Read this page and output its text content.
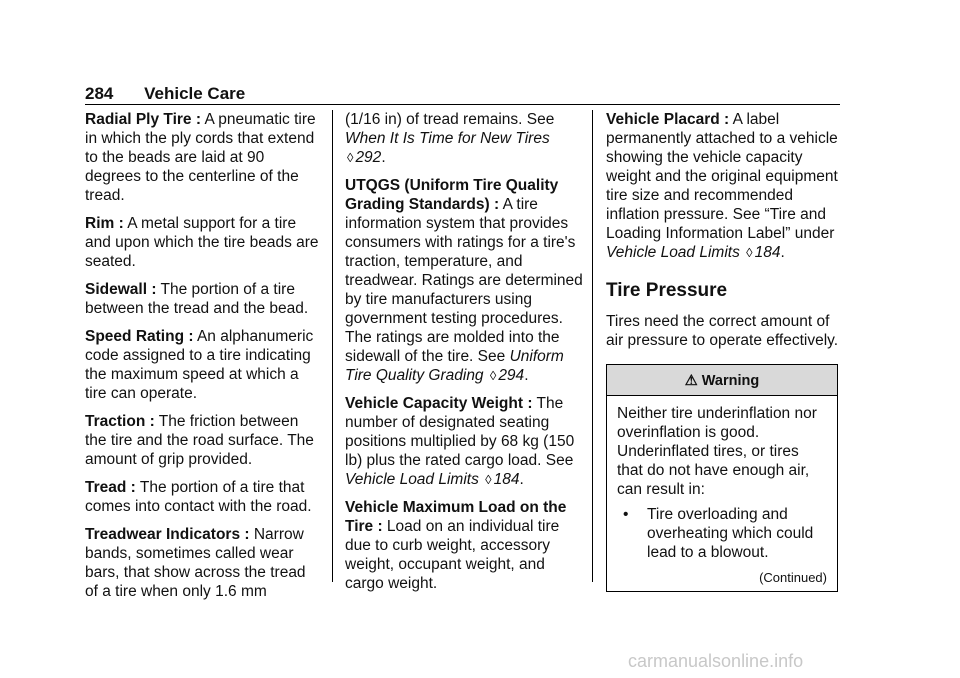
284 Vehicle Care

Radial Ply Tire : A pneumatic tire in which the ply cords that extend to the beads are laid at 90 degrees to the centerline of the tread.

Rim : A metal support for a tire and upon which the tire beads are seated.

Sidewall : The portion of a tire between the tread and the bead.

Speed Rating : An alphanumeric code assigned to a tire indicating the maximum speed at which a tire can operate.

Traction : The friction between the tire and the road surface. The amount of grip provided.

Tread : The portion of a tire that comes into contact with the road.

Treadwear Indicators : Narrow bands, sometimes called wear bars, that show across the tread of a tire when only 1.6 mm

(1/16 in) of tread remains. See When It Is Time for New Tires ◊ 292.

UTQGS (Uniform Tire Quality Grading Standards) : A tire information system that provides consumers with ratings for a tire's traction, temperature, and treadwear. Ratings are determined by tire manufacturers using government testing procedures. The ratings are molded into the sidewall of the tire. See Uniform Tire Quality Grading ◊ 294.

Vehicle Capacity Weight : The number of designated seating positions multiplied by 68 kg (150 lb) plus the rated cargo load. See Vehicle Load Limits ◊ 184.

Vehicle Maximum Load on the Tire : Load on an individual tire due to curb weight, accessory weight, occupant weight, and cargo weight.

Vehicle Placard : A label permanently attached to a vehicle showing the vehicle capacity weight and the original equipment tire size and recommended inflation pressure. See “Tire and Loading Information Label” under Vehicle Load Limits ◊ 184.

Tire Pressure

Tires need the correct amount of air pressure to operate effectively.

⚠ Warning
Neither tire underinflation nor overinflation is good. Underinflated tires, or tires that do not have enough air, can result in:
•	Tire overloading and overheating which could lead to a blowout.
(Continued)
carmanualsonline.info
